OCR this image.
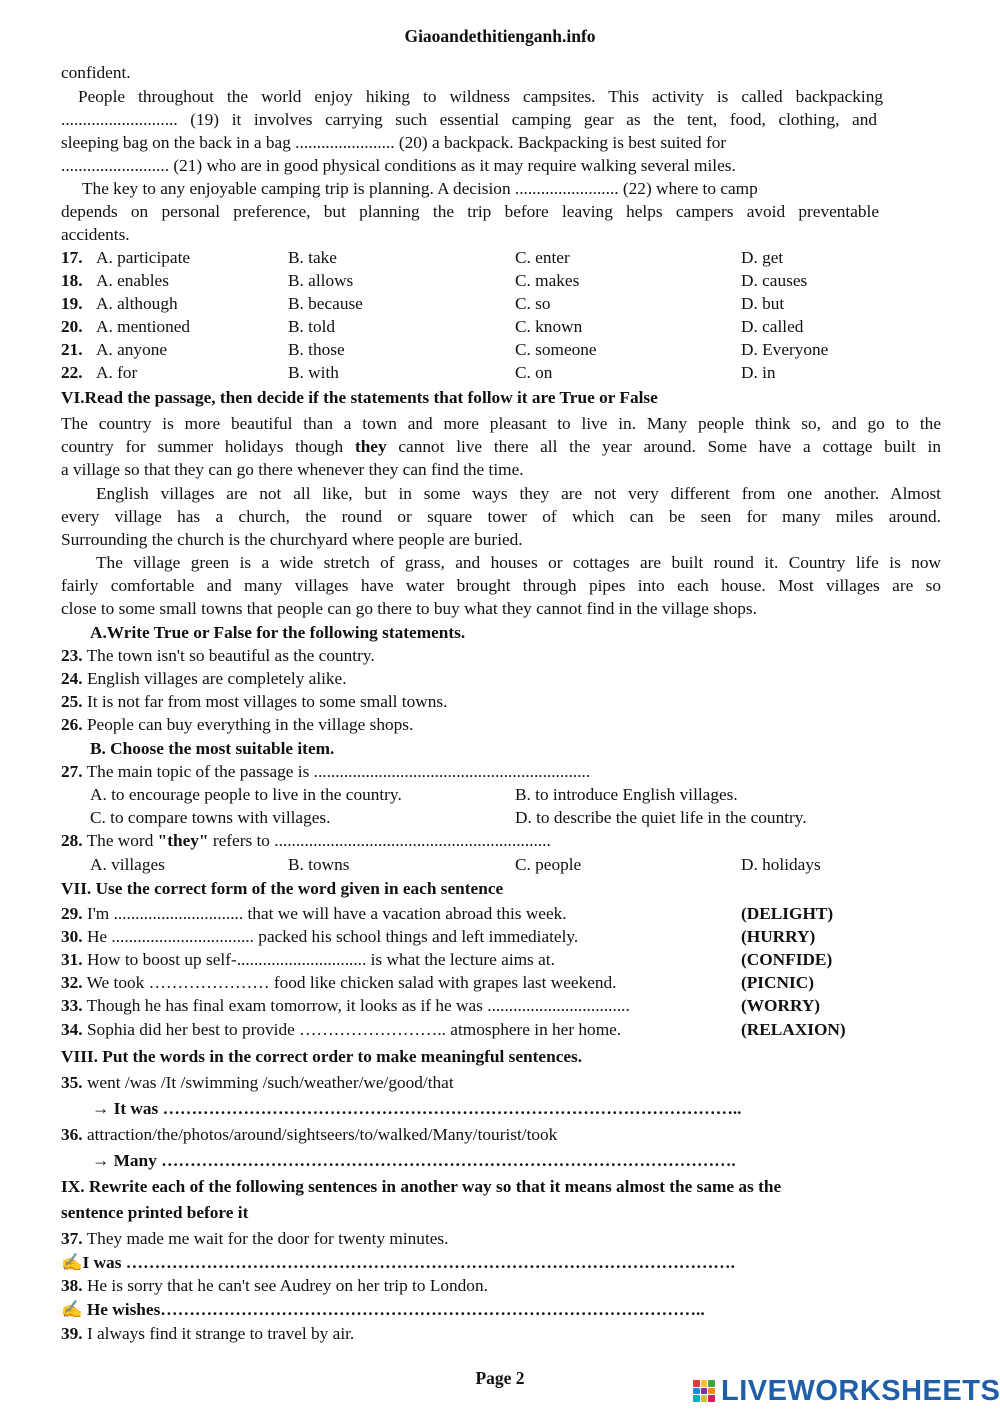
Giaoandethitienganh.info
confident.
People throughout the world enjoy hiking to wildness campsites. This activity is called backpacking
........................... (19) it involves carrying such essential camping gear as the tent, food, clothing, and
sleeping bag on the back in a bag ....................... (20) a backpack. Backpacking is best suited for
......................... (21) who are in good physical conditions as it may require walking several miles.
The key to any enjoyable camping trip is planning. A decision ........................ (22) where to camp
depends on personal preference, but planning the trip before leaving helps campers avoid preventable
accidents.
17. A. participate	B. take	C. enter	D. get
18. A. enables	B. allows	C. makes	D. causes
19. A. although	B. because	C. so	D. but
20. A. mentioned	B. told	C. known	D. called
21. A. anyone	B. those	C. someone	D. Everyone
22. A. for	B. with	C. on	D. in
VI.Read the passage, then decide if the statements that follow it are True or False
The country is more beautiful than a town and more pleasant to live in. Many people think so, and go to the
country for summer holidays though they cannot live there all the year around. Some have a cottage built in
a village so that they can go there whenever they can find the time.
English villages are not all like, but in some ways they are not very different from one another. Almost
every village has a church, the round or square tower of which can be seen for many miles around.
Surrounding the church is the churchyard where people are buried.
The village green is a wide stretch of grass, and houses or cottages are built round it. Country life is now
fairly comfortable and many villages have water brought through pipes into each house. Most villages are so
close to some small towns that people can go there to buy what they cannot find in the village shops.
A.Write True or False for the following statements.
23. The town isn't so beautiful as the country.
24. English villages are completely alike.
25. It is not far from most villages to some small towns.
26. People can buy everything in the village shops.
B. Choose the most suitable item.
27. The main topic of the passage is ................................................................
A. to encourage people to live in the country.	B. to introduce English villages.
C. to compare towns with villages.	D. to describe the quiet life in the country.
28. The word "they" refers to ................................................................
A. villages	B. towns	C. people	D. holidays
VII. Use the correct form of the word given in each sentence
29. I'm .............................. that we will have a vacation abroad this week.	(DELIGHT)
30. He ................................. packed his school things and left immediately.	(HURRY)
31. How to boost up self-.............................. is what the lecture aims at.	(CONFIDE)
32. We took ………………… food like chicken salad with grapes last weekend.	(PICNIC)
33. Though he has final exam tomorrow, it looks as if he was .................................	(WORRY)
34. Sophia did her best to provide …………………….. atmosphere in her home.	(RELAXION)
VIII. Put the words in the correct order to make meaningful sentences.
35. went /was /It /swimming /such/weather/we/good/that
→ It was ………………………………………………………………………………………..
36. attraction/the/photos/around/sightseers/to/walked/Many/tourist/took
→ Many ……………………………………………………………………………………….
IX. Rewrite each of the following sentences in another way so that it means almost the same as the
sentence printed before it
37. They made me wait for the door for twenty minutes.
✍I was …………………………………………………………………………………………….
38. He is sorry that he can't see Audrey on her trip to London.
✍ He wishes…………………………………………………………………………………..
39. I always find it strange to travel by air.
Page 2	LIVEWORKSHEETS
